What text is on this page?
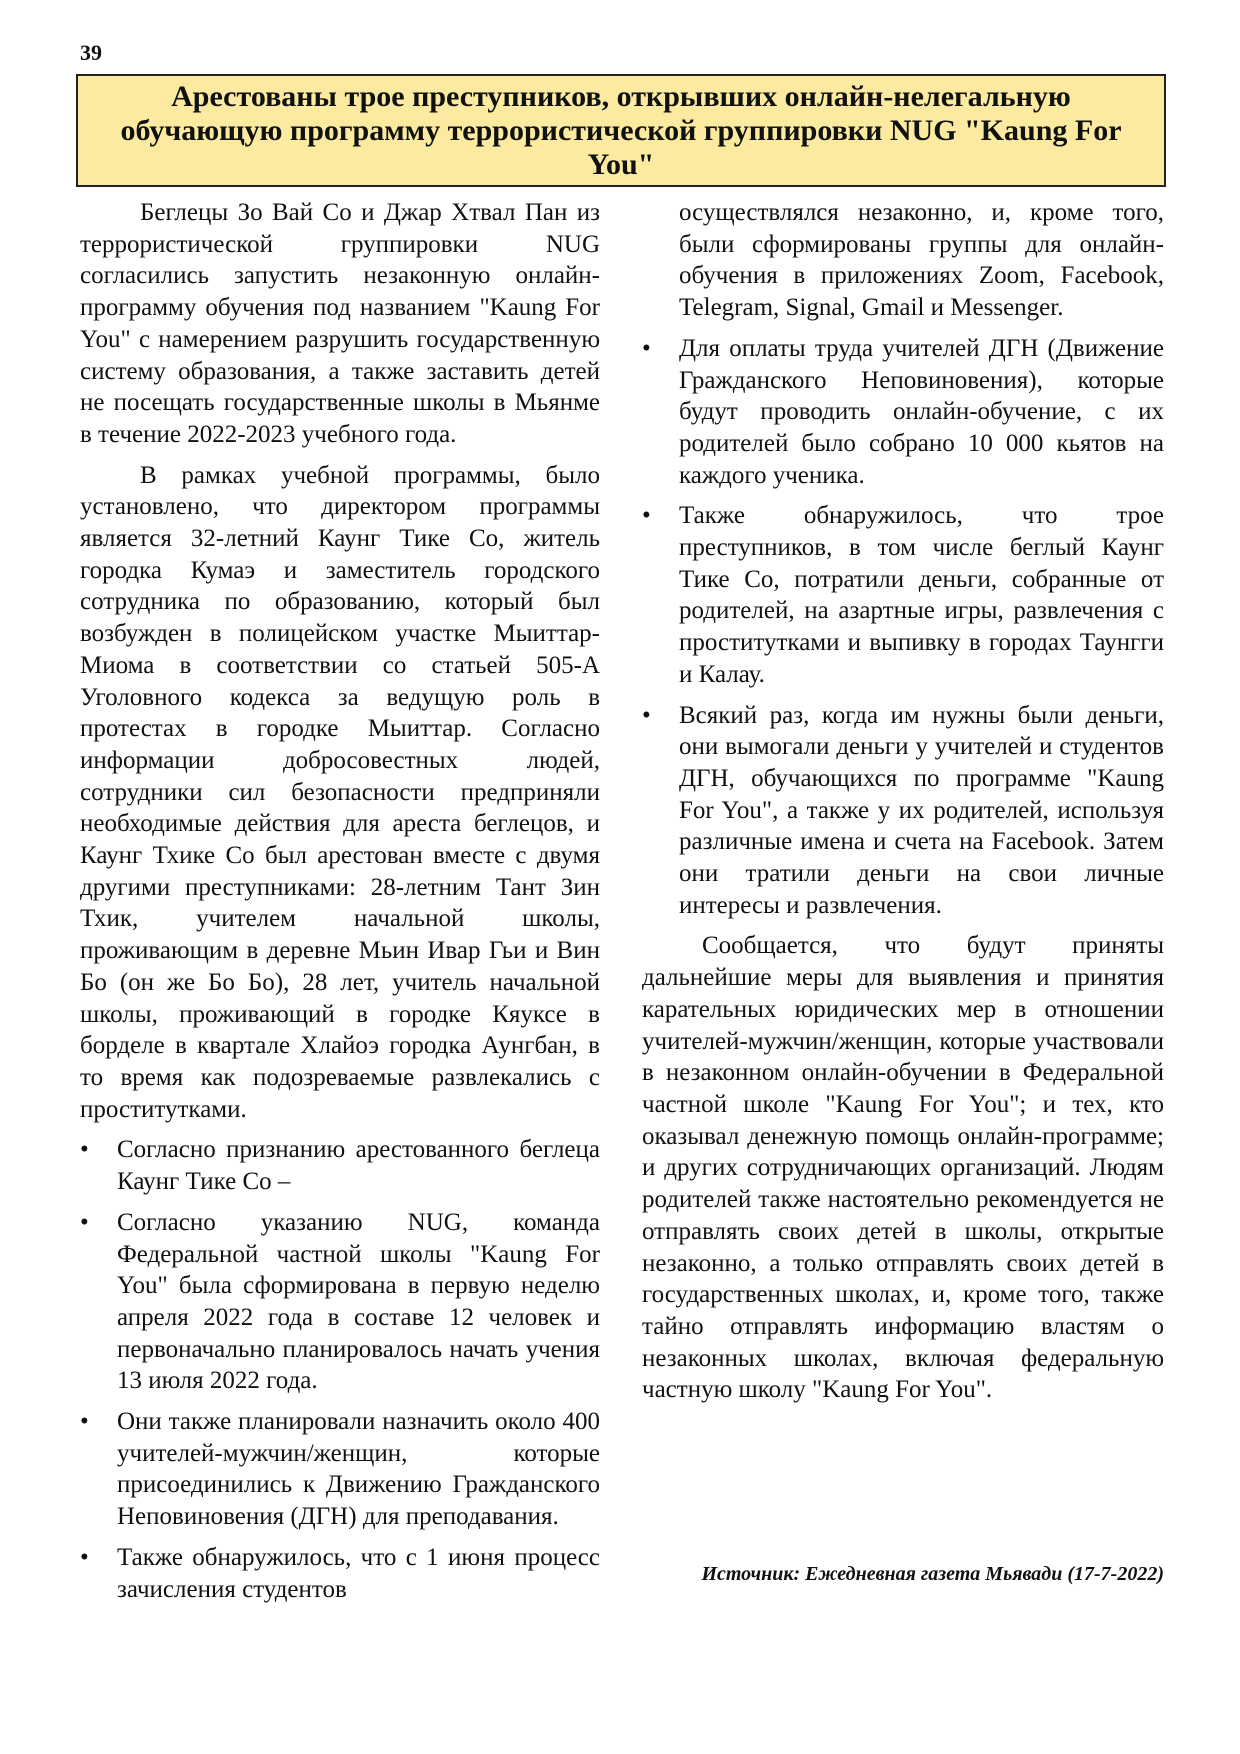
39
Арестованы трое преступников, открывших онлайн-нелегальную обучающую программу террористической группировки NUG "Kaung For You"

Беглецы Зо Вай Со и Джар Хтвал Пан из террористической группировки NUG согласились запустить незаконную онлайн-программу обучения под названием "Kaung For You" с намерением разрушить государственную систему образования, а также заставить детей не посещать государственные школы в Мьянме в течение 2022-2023 учебного года.

В рамках учебной программы, было установлено, что директором программы является 32-летний Каунг Тике Со, житель городка Кумаэ и заместитель городского сотрудника по образованию, который был возбужден в полицейском участке Мыиттар-Миома в соответствии со статьей 505-А Уголовного кодекса за ведущую роль в протестах в городке Мыиттар. Согласно информации добросовестных людей, сотрудники сил безопасности предприняли необходимые действия для ареста беглецов, и Каунг Тхике Со был арестован вместе с двумя другими преступниками: 28-летним Тант Зин Тхик, учителем начальной школы, проживающим в деревне Мьин Ивар Гьи и Вин Бо (он же Бо Бо), 28 лет, учитель начальной школы, проживающий в городке Кяуксе в борделе в квартале Хлайоэ городка Аунгбан, в то время как подозреваемые развлекались с проститутками.

•	Согласно признанию арестованного беглеца Каунг Тике Со –
•	Согласно указанию NUG, команда Федеральной частной школы "Kaung For You" была сформирована в первую неделю апреля 2022 года в составе 12 человек и первоначально планировалось начать учения 13 июля 2022 года.
•	Они также планировали назначить около 400 учителей-мужчин/женщин, которые присоединились к Движению Гражданского Неповиновения (ДГН) для преподавания.
•	Также обнаружилось, что с 1 июня процесс зачисления студентов
осуществлялся незаконно, и, кроме того, были сформированы группы для онлайн-обучения в приложениях Zoom, Facebook, Telegram, Signal, Gmail и Messenger.
•	Для оплаты труда учителей ДГН (Движение Гражданского Неповиновения), которые будут проводить онлайн-обучение, с их родителей было собрано 10 000 кьятов на каждого ученика.
•	Также обнаружилось, что трое преступников, в том числе беглый Каунг Тике Со, потратили деньги, собранные от родителей, на азартные игры, развлечения с проститутками и выпивку в городах Таунгги и Калау.
•	Всякий раз, когда им нужны были деньги, они вымогали деньги у учителей и студентов ДГН, обучающихся по программе "Kaung For You", а также у их родителей, используя различные имена и счета на Facebook. Затем они тратили деньги на свои личные интересы и развлечения.

Сообщается, что будут приняты дальнейшие меры для выявления и принятия карательных юридических мер в отношении учителей-мужчин/женщин, которые участвовали в незаконном онлайн-обучении в Федеральной частной школе "Kaung For You"; и тех, кто оказывал денежную помощь онлайн-программе; и других сотрудничающих организаций. Людям родителей также настоятельно рекомендуется не отправлять своих детей в школы, открытые незаконно, а только отправлять своих детей в государственных школах, и, кроме того, также тайно отправлять информацию властям о незаконных школах, включая федеральную частную школу "Kaung For You".

Источник: Ежедневная газета Мьявади (17-7-2022)
